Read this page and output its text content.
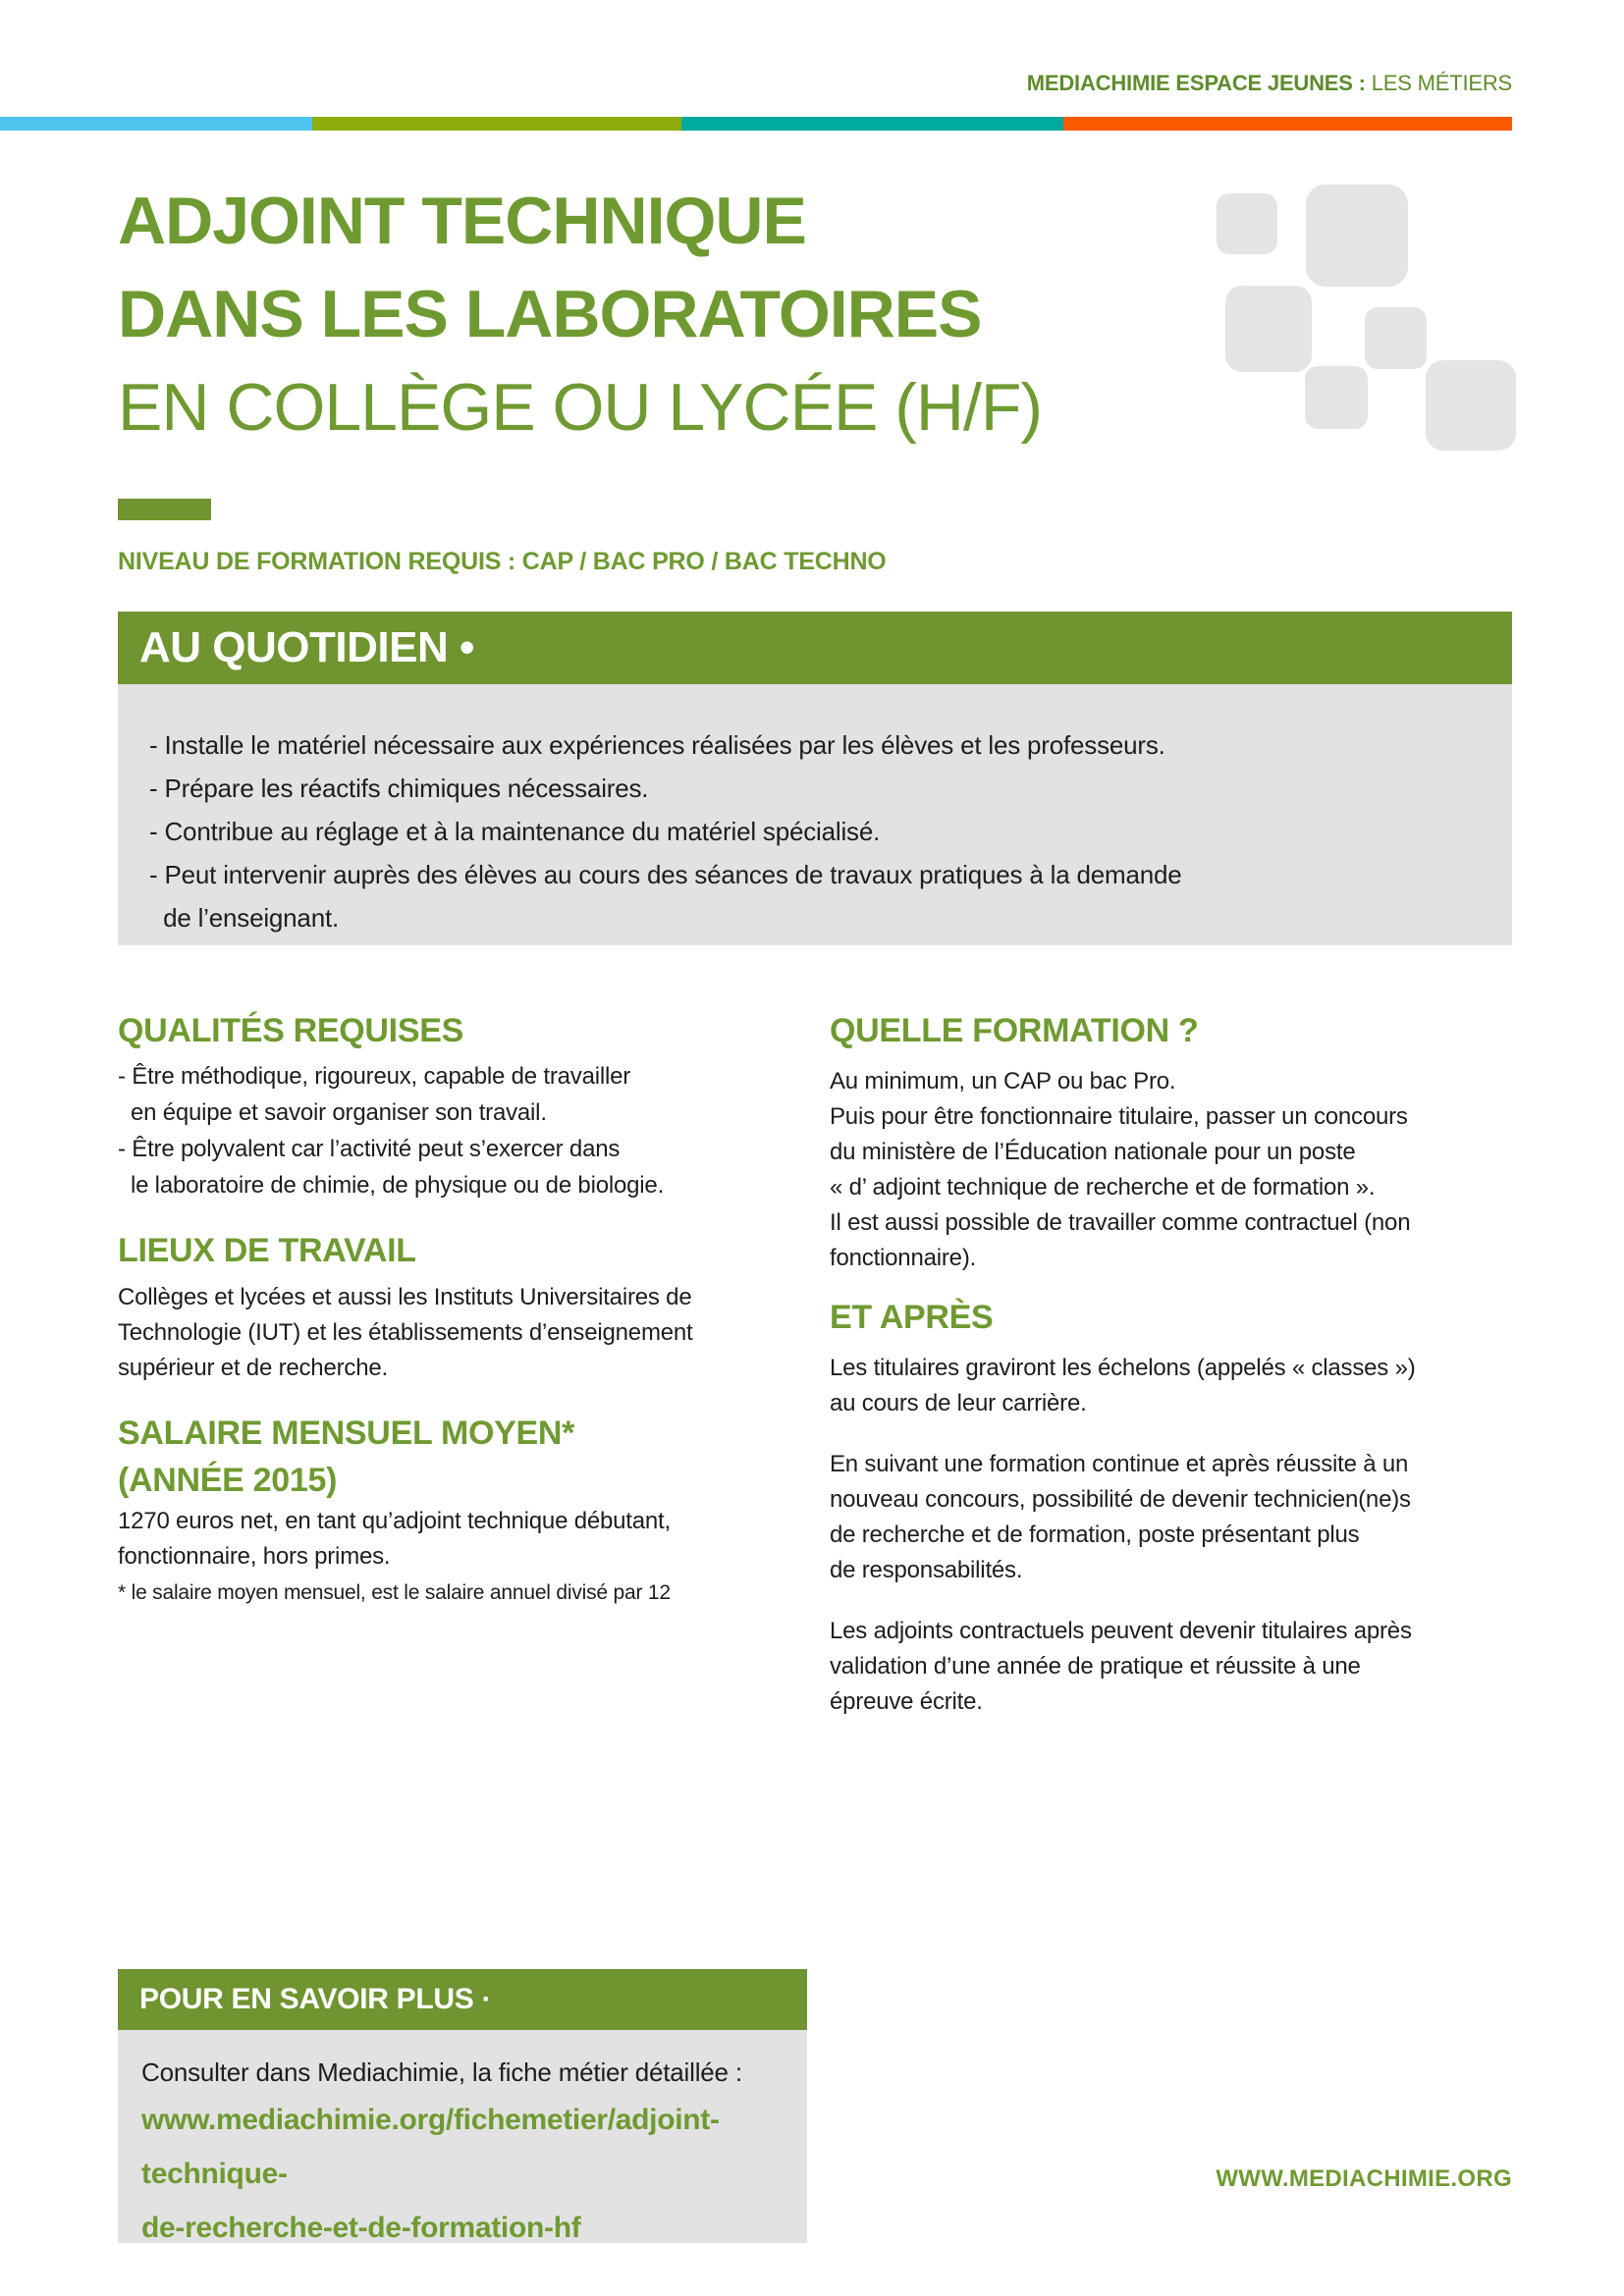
MEDIACHIMIE ESPACE JEUNES : LES MÉTIERS
ADJOINT TECHNIQUE
DANS LES LABORATOIRES
EN COLLÈGE OU LYCÉE (H/F)
NIVEAU DE FORMATION REQUIS : CAP / BAC PRO / BAC TECHNO
AU QUOTIDIEN •
- Installe le matériel nécessaire aux expériences réalisées par les élèves et les professeurs.
- Prépare les réactifs chimiques nécessaires.
- Contribue au réglage et à la maintenance du matériel spécialisé.
- Peut intervenir auprès des élèves au cours des séances de travaux pratiques à la demande
de l’enseignant.
QUALITÉS REQUISES
- Être méthodique, rigoureux, capable de travailler
en équipe et savoir organiser son travail.
- Être polyvalent car l’activité peut s’exercer dans
le laboratoire de chimie, de physique ou de biologie.
LIEUX DE TRAVAIL
Collèges et lycées et aussi les Instituts Universitaires de
Technologie (IUT) et les établissements d’enseignement
supérieur et de recherche.
SALAIRE MENSUEL MOYEN*
(ANNÉE 2015)
1270 euros net, en tant qu’adjoint technique débutant,
fonctionnaire, hors primes.
* le salaire moyen mensuel, est le salaire annuel divisé par 12
QUELLE FORMATION ?
Au minimum, un CAP ou bac Pro.
Puis pour être fonctionnaire titulaire, passer un concours
du ministère de l’Éducation nationale pour un poste
« d’ adjoint technique de recherche et de formation ».
Il est aussi possible de travailler comme contractuel (non
fonctionnaire).
ET APRÈS
Les titulaires graviront les échelons (appelés « classes »)
au cours de leur carrière.
En suivant une formation continue et après réussite à un
nouveau concours, possibilité de devenir technicien(ne)s
de recherche et de formation, poste présentant plus
de responsabilités.
Les adjoints contractuels peuvent devenir titulaires après
validation d’une année de pratique et réussite à une
épreuve écrite.
POUR EN SAVOIR PLUS ·
Consulter dans Mediachimie, la fiche métier détaillée :
www.mediachimie.org/fichemetier/adjoint-technique-
de-recherche-et-de-formation-hf
WWW.MEDIACHIMIE.ORG
